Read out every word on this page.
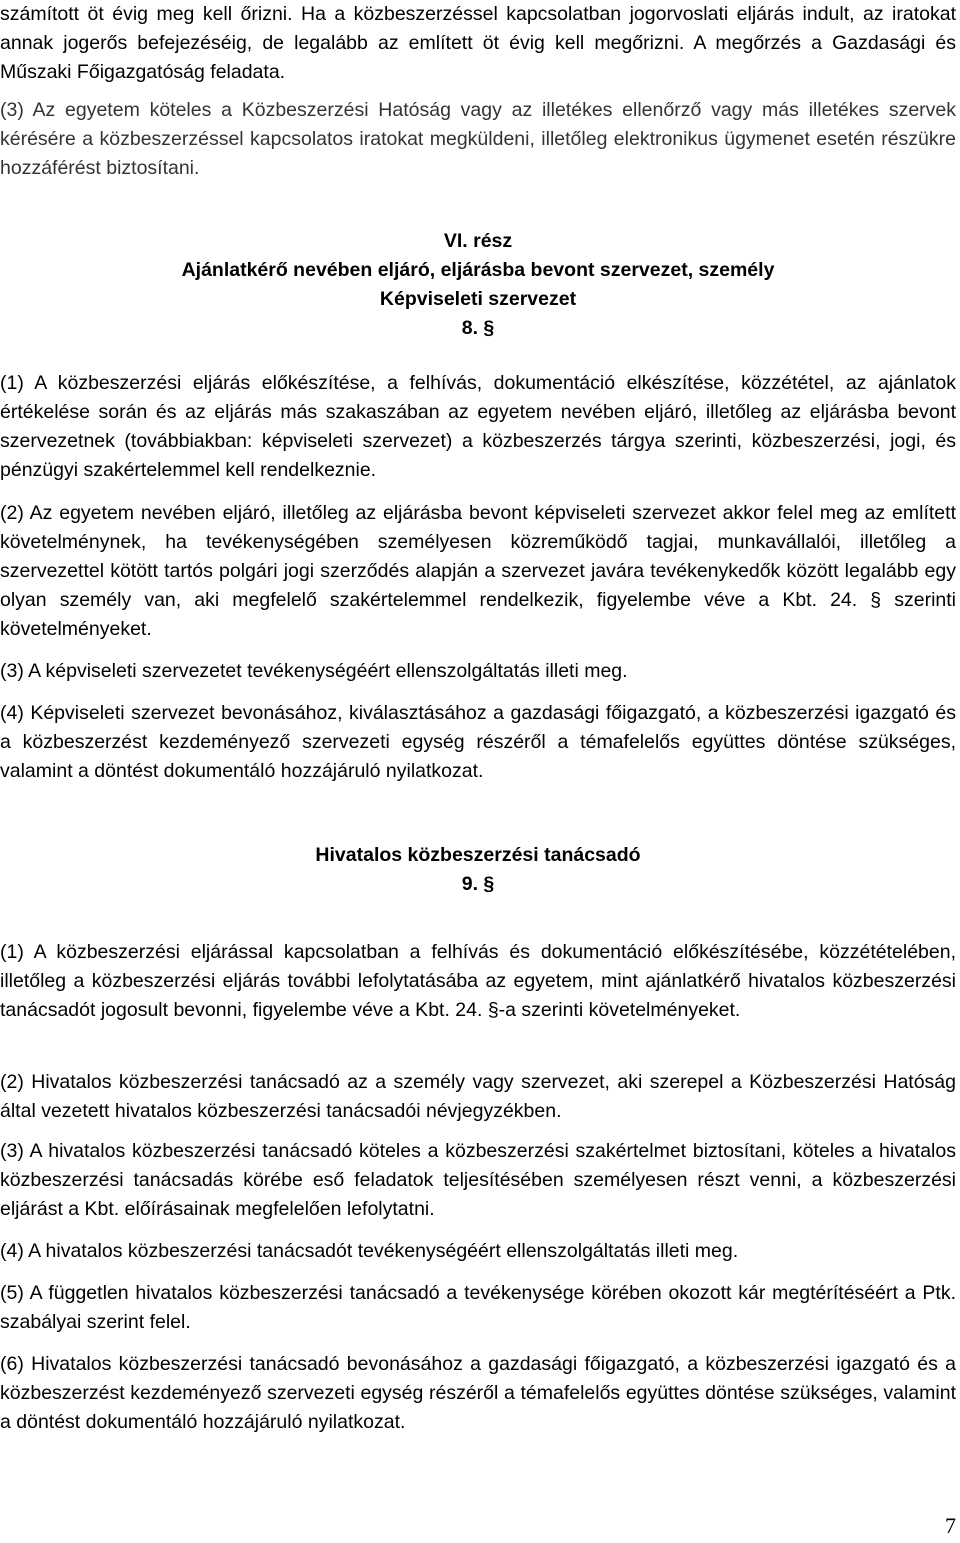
számított öt évig meg kell őrizni. Ha a közbeszerzéssel kapcsolatban jogorvoslati eljárás indult, az iratokat annak jogerős befejezéséig, de legalább az említett öt évig kell megőrizni. A megőrzés a Gazdasági és Műszaki Főigazgatóság feladata.

(3) Az egyetem köteles a Közbeszerzési Hatóság vagy az illetékes ellenőrző vagy más illetékes szervek kérésére a közbeszerzéssel kapcsolatos iratokat megküldeni, illetőleg elektronikus ügymenet esetén részükre hozzáférést biztosítani.

VI. rész

Ajánlatkérő nevében eljáró, eljárásba bevont szervezet, személy

Képviseleti szervezet

8. §

(1) A közbeszerzési eljárás előkészítése, a felhívás, dokumentáció elkészítése, közzététel, az ajánlatok értékelése során és az eljárás más szakaszában az egyetem nevében eljáró, illetőleg az eljárásba bevont szervezetnek (továbbiakban: képviseleti szervezet) a közbeszerzés tárgya szerinti, közbeszerzési, jogi, és pénzügyi szakértelemmel kell rendelkeznie.

(2) Az egyetem nevében eljáró, illetőleg az eljárásba bevont képviseleti szervezet akkor felel meg az említett követelménynek, ha tevékenységében személyesen közreműködő tagjai, munkavállalói, illetőleg a szervezettel kötött tartós polgári jogi szerződés alapján a szervezet javára tevékenykedők között legalább egy olyan személy van, aki megfelelő szakértelemmel rendelkezik, figyelembe véve a Kbt. 24. § szerinti követelményeket.

(3) A képviseleti szervezetet tevékenységéért ellenszolgáltatás illeti meg.

(4) Képviseleti szervezet bevonásához, kiválasztásához a gazdasági főigazgató, a közbeszerzési igazgató és a közbeszerzést kezdeményező szervezeti egység részéről a témafelelős együttes döntése szükséges, valamint a döntést dokumentáló hozzájáruló nyilatkozat.

Hivatalos közbeszerzési tanácsadó

9. §

(1) A közbeszerzési eljárással kapcsolatban a felhívás és dokumentáció előkészítésébe, közzétételében, illetőleg a közbeszerzési eljárás további lefolytatásába az egyetem, mint ajánlatkérő hivatalos közbeszerzési tanácsadót jogosult bevonni, figyelembe véve a Kbt. 24. §-a szerinti követelményeket.

(2) Hivatalos közbeszerzési tanácsadó az a személy vagy szervezet, aki szerepel a Közbeszerzési Hatóság által vezetett hivatalos közbeszerzési tanácsadói névjegyzékben.

(3) A hivatalos közbeszerzési tanácsadó köteles a közbeszerzési szakértelmet biztosítani, köteles a hivatalos közbeszerzési tanácsadás körébe eső feladatok teljesítésében személyesen részt venni, a közbeszerzési eljárást a Kbt. előírásainak megfelelően lefolytatni.

(4) A hivatalos közbeszerzési tanácsadót tevékenységéért ellenszolgáltatás illeti meg.

(5) A független hivatalos közbeszerzési tanácsadó a tevékenysége körében okozott kár megtérítéséért a Ptk. szabályai szerint felel.

(6) Hivatalos közbeszerzési tanácsadó bevonásához a gazdasági főigazgató, a közbeszerzési igazgató és a közbeszerzést kezdeményező szervezeti egység részéről a témafelelős együttes döntése szükséges, valamint a döntést dokumentáló hozzájáruló nyilatkozat.

7
